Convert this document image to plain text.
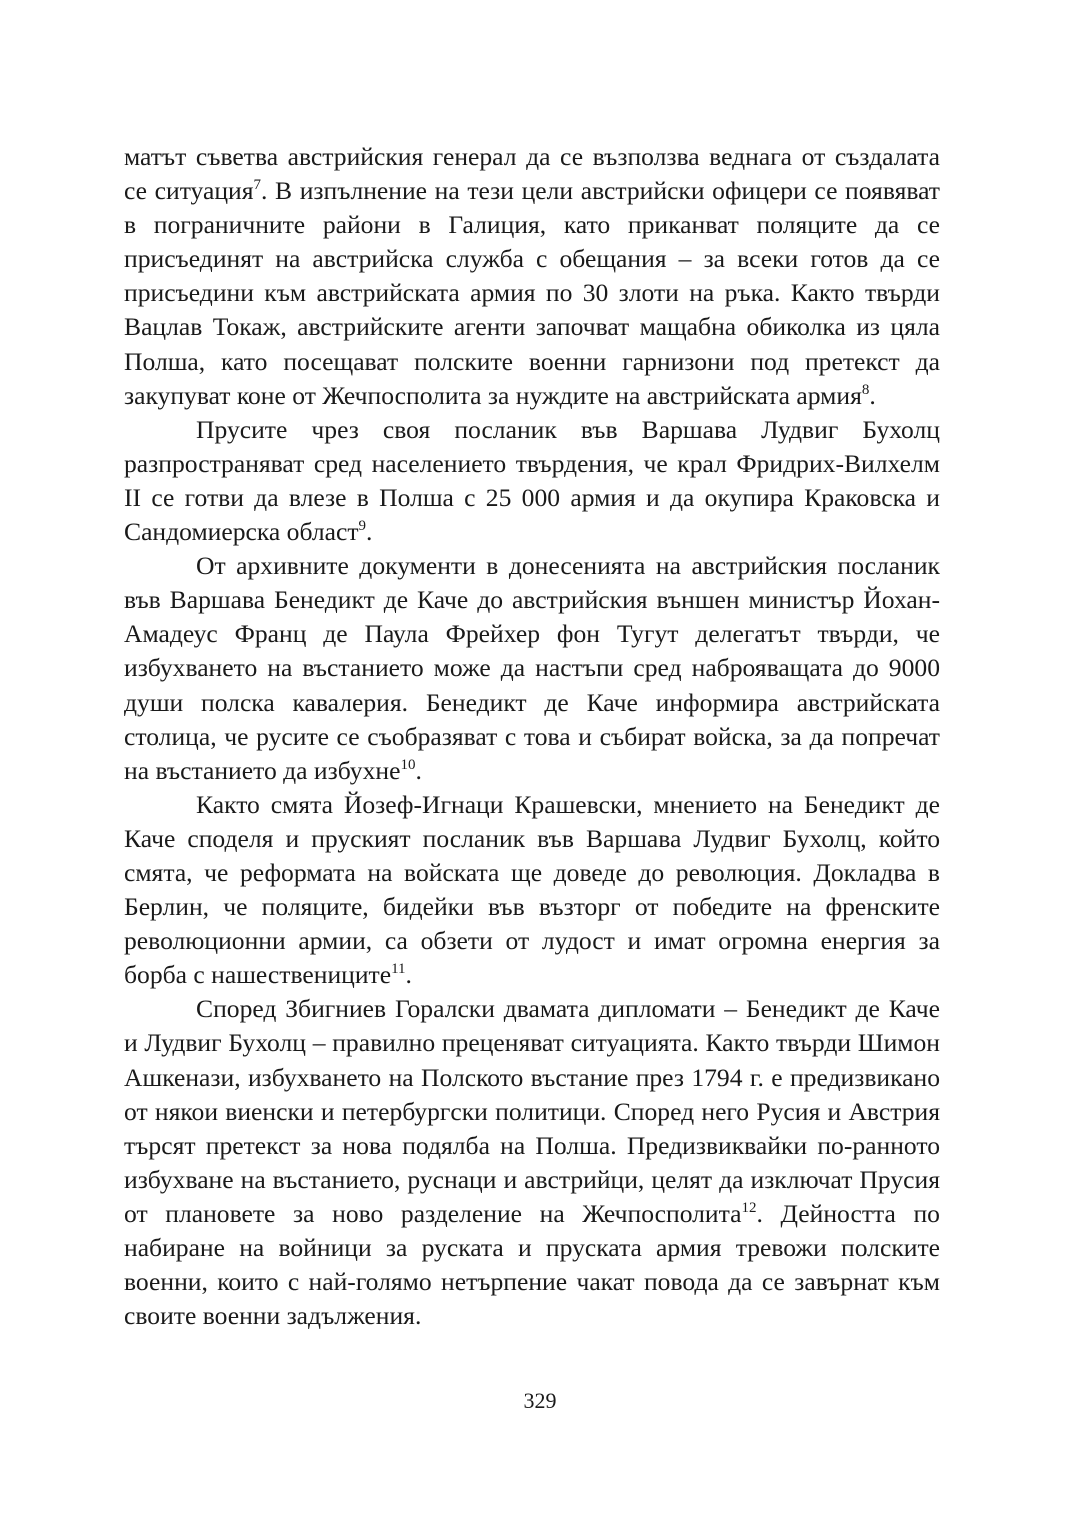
матът съветва австрийския генерал да се възползва веднага от създалата се ситуация$^7$. В изпълнение на тези цели австрийски офицери се появяват в пограничните райони в Галиция, като приканват поляците да се присъединят на австрийска служба с обещания – за всеки готов да се присъедини към австрийската армия по 30 злоти на ръка. Както твърди Вацлав Токаж, австрийските агенти започват мащабна обиколка из цяла Полша, като посещават полските военни гарнизони под претекст да закупуват коне от Жечпосполита за нуждите на австрийската армия$^8$.

Прусите чрез своя посланик във Варшава Лудвиг Бухолц разпространяват сред населението твърдения, че крал Фридрих-Вилхелм II се готви да влезе в Полша с 25 000 армия и да окупира Краковска и Сандомиерска област$^9$.

От архивните документи в донесенията на австрийския посланик във Варшава Бенедикт де Каче до австрийския външен министър Йохан-Амадеус Франц де Паула Фрейхер фон Тугут делегатът твърди, че избухването на въстанието може да настъпи сред наброяващата до 9000 души полска кавалерия. Бенедикт де Каче информира австрийската столица, че русите се съобразяват с това и събират войска, за да попречат на въстанието да избухне$^{10}$.

Както смята Йозеф-Игнаци Крашевски, мнението на Бенедикт де Каче споделя и пруският посланик във Варшава Лудвиг Бухолц, който смята, че реформата на войската ще доведе до революция. Докладва в Берлин, че поляците, бидейки във възторг от победите на френските революционни армии, са обзети от лудост и имат огромна енергия за борба с нашествениците$^{11}$.

Според Збигниев Горалски двамата дипломати – Бенедикт де Каче и Лудвиг Бухолц – правилно преценяват ситуацията. Както твърди Шимон Ашкенази, избухването на Полското въстание през 1794 г. е предизвикано от някои виенски и петербургски политици. Според него Русия и Австрия търсят претекст за нова подялба на Полша. Предизвиквайки по-ранното избухване на въстанието, руснаци и австрийци, целят да изключат Прусия от плановете за ново разделение на Жечпосполита$^{12}$. Дейността по набиране на войници за руската и пруската армия тревожи полските военни, които с най-голямо нетърпение чакат повода да се завърнат към своите военни задължения.

329
